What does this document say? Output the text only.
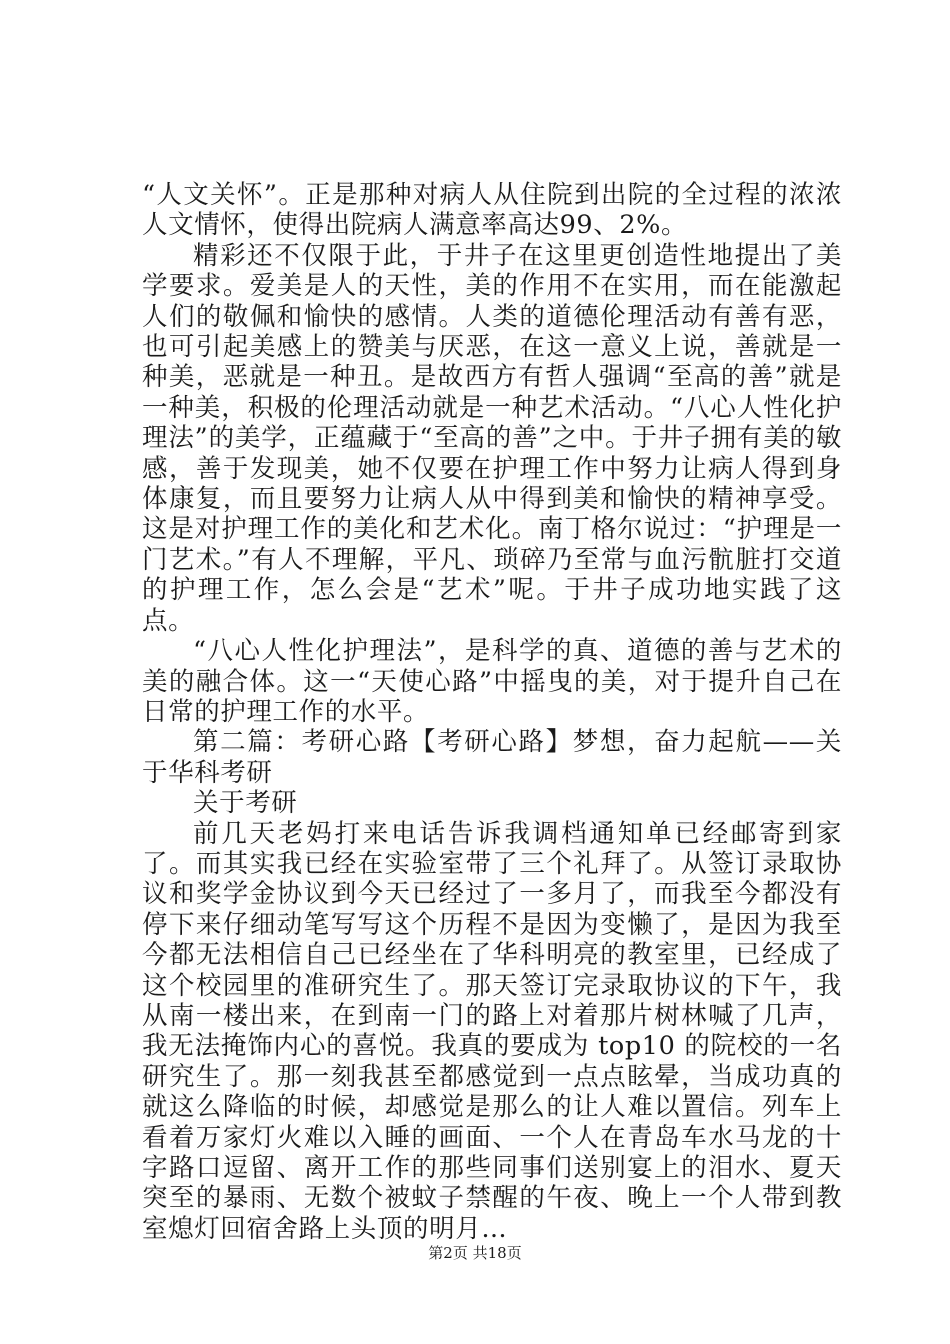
“人文关怀”。正是那种对病人从住院到出院的全过程的浓浓人文情怀，使得出院病人满意率高达99、2%。

精彩还不仅限于此，于井子在这里更创造性地提出了美学要求。爱美是人的天性，美的作用不在实用，而在能激起人们的敬佩和愉快的感情。人类的道德伦理活动有善有恶，也可引起美感上的赞美与厌恶，在这一意义上说，善就是一种美，恶就是一种丑。是故西方有哲人强调“至高的善”就是一种美，积极的伦理活动就是一种艺术活动。“八心人性化护理法”的美学，正蕴藏于“至高的善”之中。于井子拥有美的敏感，善于发现美，她不仅要在护理工作中努力让病人得到身体康复，而且要努力让病人从中得到美和愉快的精神享受。这是对护理工作的美化和艺术化。南丁格尔说过：“护理是一门艺术。”有人不理解，平凡、琐碎乃至常与血污骯脏打交道的护理工作，怎么会是“艺术”呢。于井子成功地实践了这点。

“八心人性化护理法”，是科学的真、道德的善与艺术的美的融合体。这一“天使心路”中摇曳的美，对于提升自己在日常的护理工作的水平。

第二篇：考研心路【考研心路】梦想，奋力起航——关于华科考研

关于考研

前几天老妈打来电话告诉我调档通知单已经邮寄到家了。而其实我已经在实验室带了三个礼拜了。从签订录取协议和奖学金协议到今天已经过了一多月了，而我至今都没有停下来仔细动笔写写这个历程不是因为变懒了，是因为我至今都无法相信自己已经坐在了华科明亮的教室里，已经成了这个校园里的准研究生了。那天签订完录取协议的下午，我从南一楼出来，在到南一门的路上对着那片树林喊了几声，我无法掩饰内心的喜悦。我真的要成为 top10 的院校的一名研究生了。那一刻我甚至都感觉到一点点眩晕，当成功真的就这么降临的时候，却感觉是那么的让人难以置信。列车上看着万家灯火难以入睡的画面、一个人在青岛车水马龙的十字路口逗留、离开工作的那些同事们送别宴上的泪水、夏天突至的暴雨、无数个被蚊子禁醒的午夜、晚上一个人带到教室熄灯回宿舍路上头顶的明月…

第2页 共18页
